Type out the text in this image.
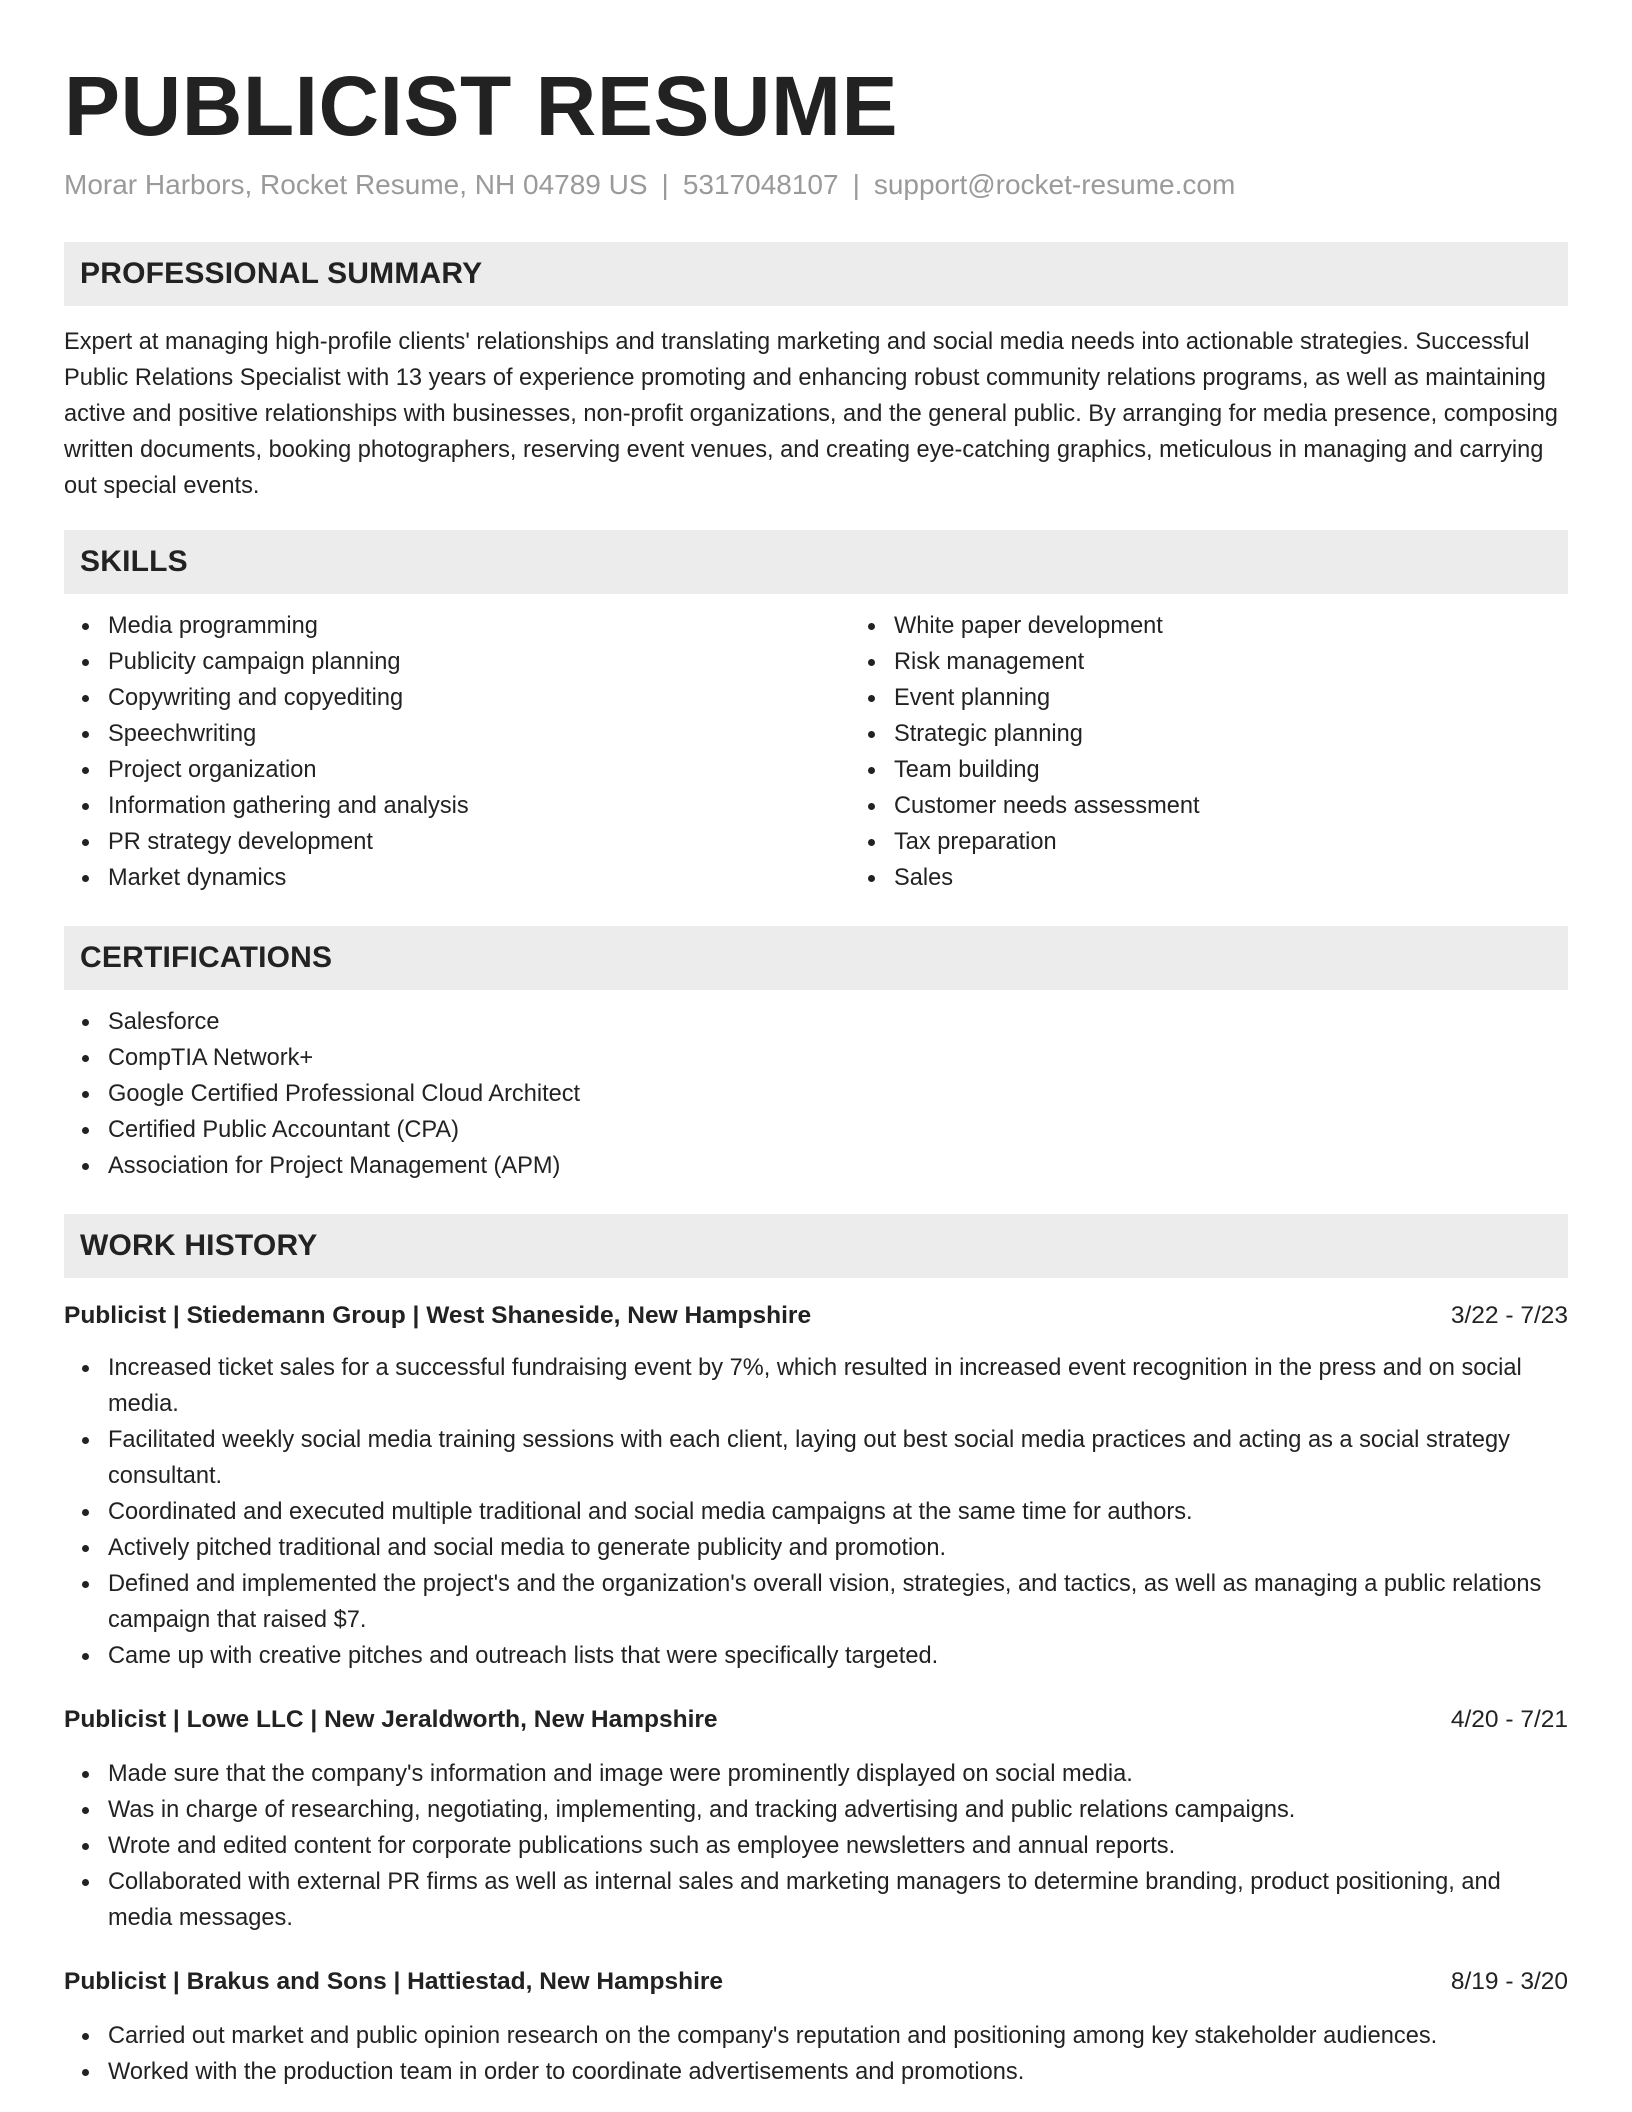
PUBLICIST RESUME
Morar Harbors, Rocket Resume, NH 04789 US | 5317048107 | support@rocket-resume.com
PROFESSIONAL SUMMARY

Expert at managing high-profile clients' relationships and translating marketing and social media needs into actionable strategies. Successful Public Relations Specialist with 13 years of experience promoting and enhancing robust community relations programs, as well as maintaining active and positive relationships with businesses, non-profit organizations, and the general public. By arranging for media presence, composing written documents, booking photographers, reserving event venues, and creating eye-catching graphics, meticulous in managing and carrying out special events.

SKILLS
Media programming
Publicity campaign planning
Copywriting and copyediting
Speechwriting
Project organization
Information gathering and analysis
PR strategy development
Market dynamics
White paper development
Risk management
Event planning
Strategic planning
Team building
Customer needs assessment
Tax preparation
Sales
CERTIFICATIONS
Salesforce
CompTIA Network+
Google Certified Professional Cloud Architect
Certified Public Accountant (CPA)
Association for Project Management (APM)
WORK HISTORY
Publicist | Stiedemann Group | West Shaneside, New Hampshire	3/22 - 7/23
Increased ticket sales for a successful fundraising event by 7%, which resulted in increased event recognition in the press and on social media.
Facilitated weekly social media training sessions with each client, laying out best social media practices and acting as a social strategy consultant.
Coordinated and executed multiple traditional and social media campaigns at the same time for authors.
Actively pitched traditional and social media to generate publicity and promotion.
Defined and implemented the project's and the organization's overall vision, strategies, and tactics, as well as managing a public relations campaign that raised $7.
Came up with creative pitches and outreach lists that were specifically targeted.
Publicist | Lowe LLC | New Jeraldworth, New Hampshire	4/20 - 7/21
Made sure that the company's information and image were prominently displayed on social media.
Was in charge of researching, negotiating, implementing, and tracking advertising and public relations campaigns.
Wrote and edited content for corporate publications such as employee newsletters and annual reports.
Collaborated with external PR firms as well as internal sales and marketing managers to determine branding, product positioning, and media messages.
Publicist | Brakus and Sons | Hattiestad, New Hampshire	8/19 - 3/20
Carried out market and public opinion research on the company's reputation and positioning among key stakeholder audiences.
Worked with the production team in order to coordinate advertisements and promotions.
